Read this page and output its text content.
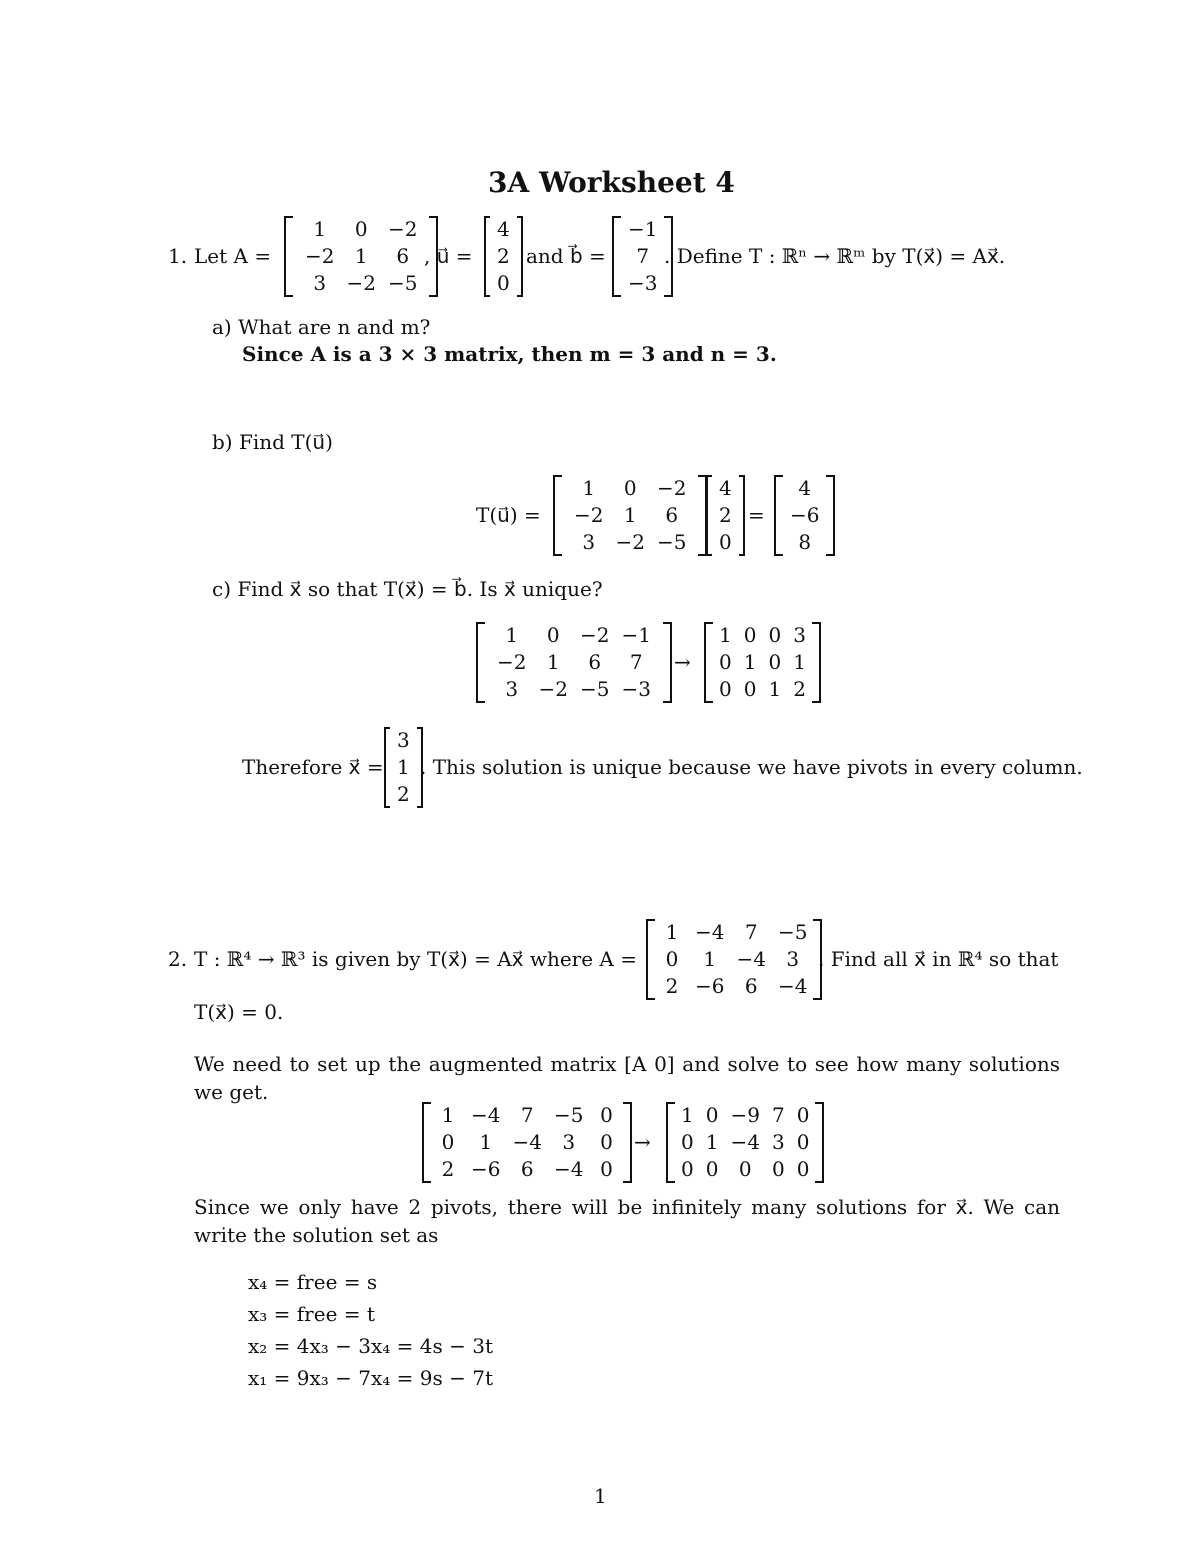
3A Worksheet 4
1. Let A =
1	0	−2
−2	1	6
3	−2 −5
, u⃗ =
4
2
0
and b⃗ =
−1
7
−3
. Define T : ℝⁿ → ℝᵐ by T(x⃗) = Ax⃗.
a) What are n and m?
Since A is a 3 × 3 matrix, then m = 3 and n = 3.
b) Find T(u⃗)
T(u⃗) =
1	0	−2
−2	1	6
3	−2 −5
4
2
0
=
4
−6
8
c) Find x⃗ so that T(x⃗) = b⃗. Is x⃗ unique?
1	0	−2 −1
−2	1	6	7
3	−2 −5 −3
→
1 0 0 3
0 1 0 1
0 0 1 2
Therefore x⃗ =
3
1
2
. This solution is unique because we have pivots in every column.
2. T : ℝ⁴ → ℝ³ is given by T(x⃗) = Ax⃗ where A =
1 −4	7	−5
0	1	−4	3
2 −6	6	−4
. Find all x⃗ in ℝ⁴ so that
T(x⃗) = 0.
We need to set up the augmented matrix [A 0] and solve to see how many solutions we get.
1 −4	7	−5 0
0	1	−4	3	0
2 −6	6	−4 0
→
1 0 −9 7 0
0 1 −4 3 0
0 0	0	0 0
Since we only have 2 pivots, there will be infinitely many solutions for x⃗. We can write the solution set as
x₄ = free = s
x₃ = free = t
x₂ = 4x₃ − 3x₄ = 4s − 3t
x₁ = 9x₃ − 7x₄ = 9s − 7t
1
